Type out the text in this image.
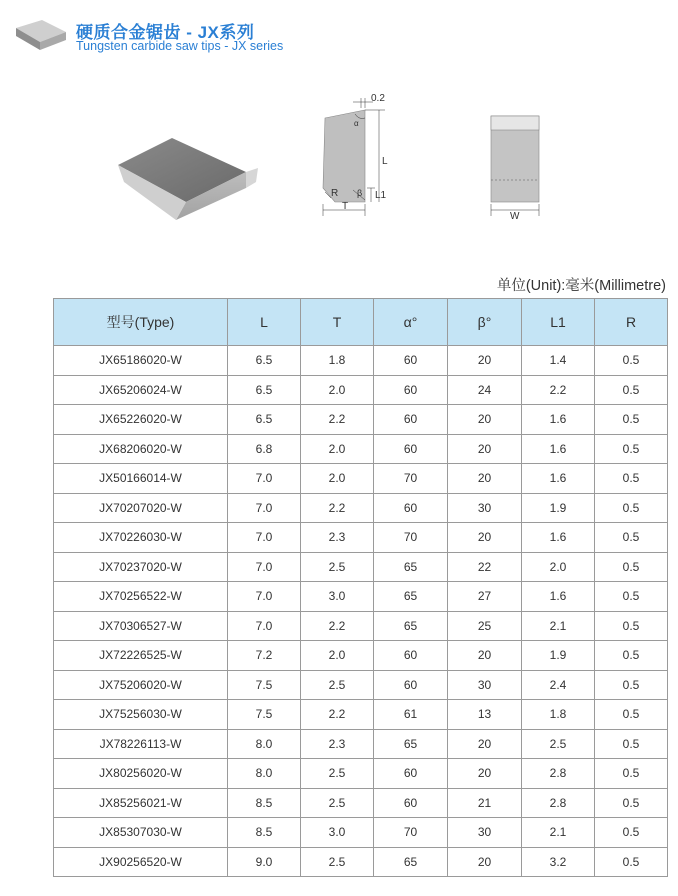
硬质合金锯齿 - JX系列
Tungsten carbide saw tips - JX series
0.2
α
L
L1
β
R
T
W
单位(Unit):毫米(Millimetre)
型号(Type)	L	T	α°	β°	L1	R
JX65186020-W	6.5	1.8	60	20	1.4	0.5
JX65206024-W	6.5	2.0	60	24	2.2	0.5
JX65226020-W	6.5	2.2	60	20	1.6	0.5
JX68206020-W	6.8	2.0	60	20	1.6	0.5
JX50166014-W	7.0	2.0	70	20	1.6	0.5
JX70207020-W	7.0	2.2	60	30	1.9	0.5
JX70226030-W	7.0	2.3	70	20	1.6	0.5
JX70237020-W	7.0	2.5	65	22	2.0	0.5
JX70256522-W	7.0	3.0	65	27	1.6	0.5
JX70306527-W	7.0	2.2	65	25	2.1	0.5
JX72226525-W	7.2	2.0	60	20	1.9	0.5
JX75206020-W	7.5	2.5	60	30	2.4	0.5
JX75256030-W	7.5	2.2	61	13	1.8	0.5
JX78226113-W	8.0	2.3	65	20	2.5	0.5
JX80256020-W	8.0	2.5	60	20	2.8	0.5
JX85256021-W	8.5	2.5	60	21	2.8	0.5
JX85307030-W	8.5	3.0	70	30	2.1	0.5
JX90256520-W	9.0	2.5	65	20	3.2	0.5
